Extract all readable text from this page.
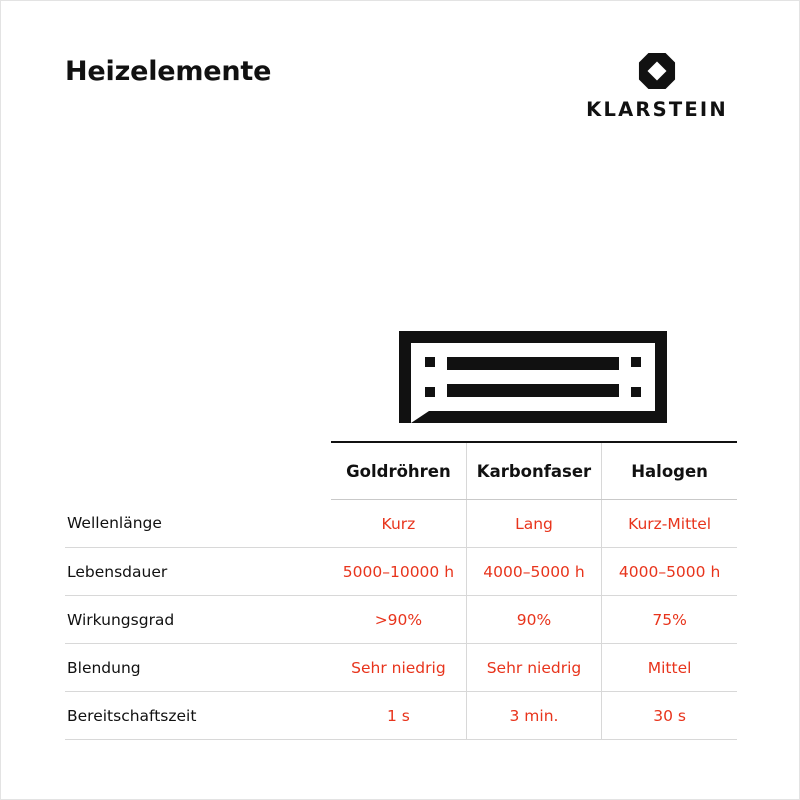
Heizelemente
KLARSTEIN
	Goldröhren	Karbonfaser	Halogen
Wellenlänge	Kurz	Lang	Kurz-Mittel
Lebensdauer	5000–10000 h	4000–5000 h	4000–5000 h
Wirkungsgrad	>90%	90%	75%
Blendung	Sehr niedrig	Sehr niedrig	Mittel
Bereitschaftszeit	1 s	3 min.	30 s
